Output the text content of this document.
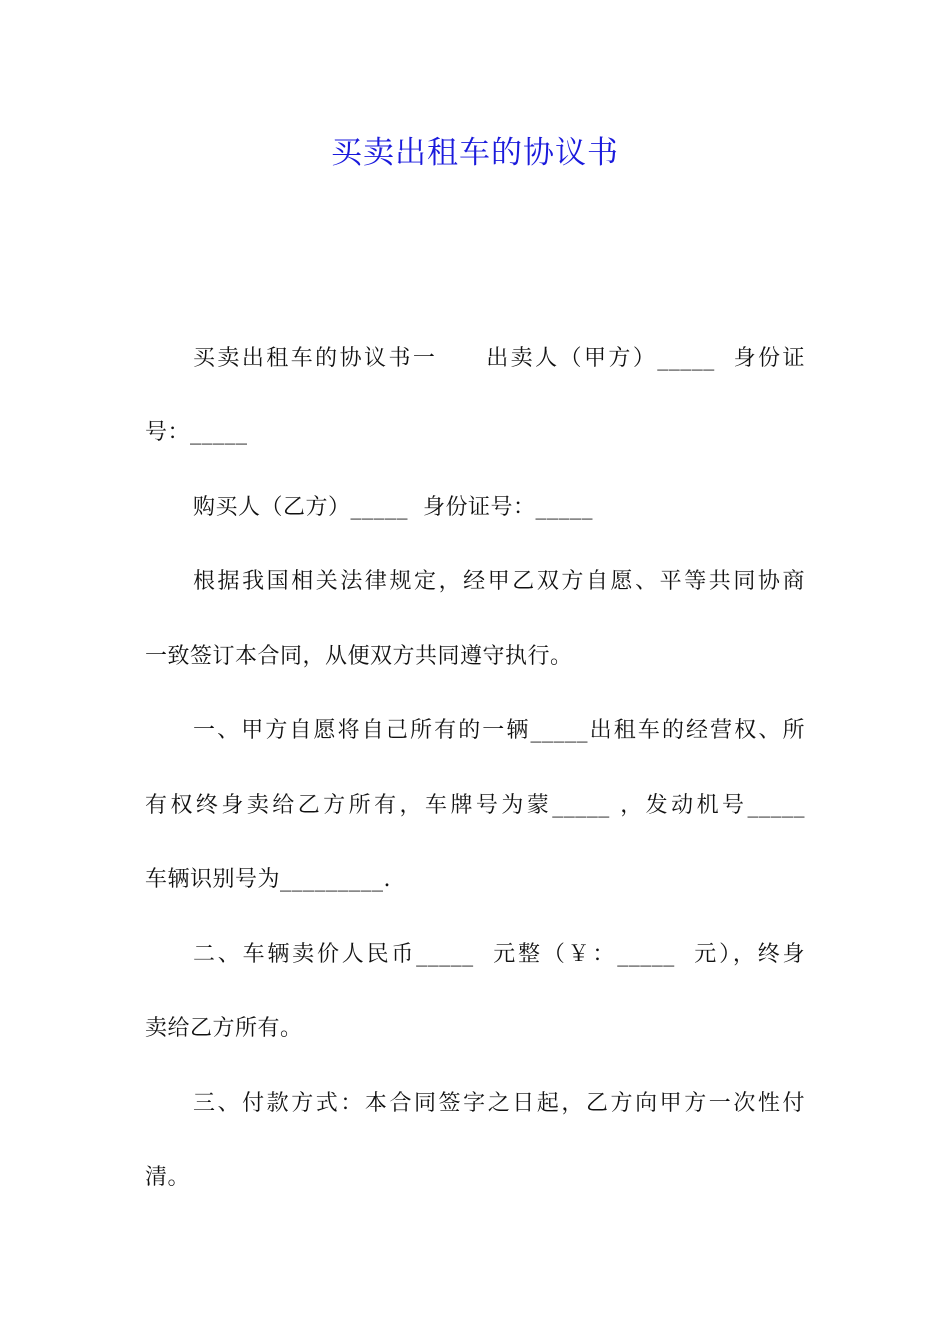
买卖出租车的协议书
买卖出租车的协议书一　　出卖人（甲方）_____  身份证
号：_____
购买人（乙方）_____  身份证号：_____
根据我国相关法律规定，经甲乙双方自愿、平等共同协商
一致签订本合同，从便双方共同遵守执行。
一、甲方自愿将自己所有的一辆_____出租车的经营权、所
有权终身卖给乙方所有，车牌号为蒙_____ ，发动机号_____
车辆识别号为_________.
二、车辆卖价人民币_____  元整（￥：_____  元），终身
卖给乙方所有。
三、付款方式：本合同签字之日起，乙方向甲方一次性付
清。
